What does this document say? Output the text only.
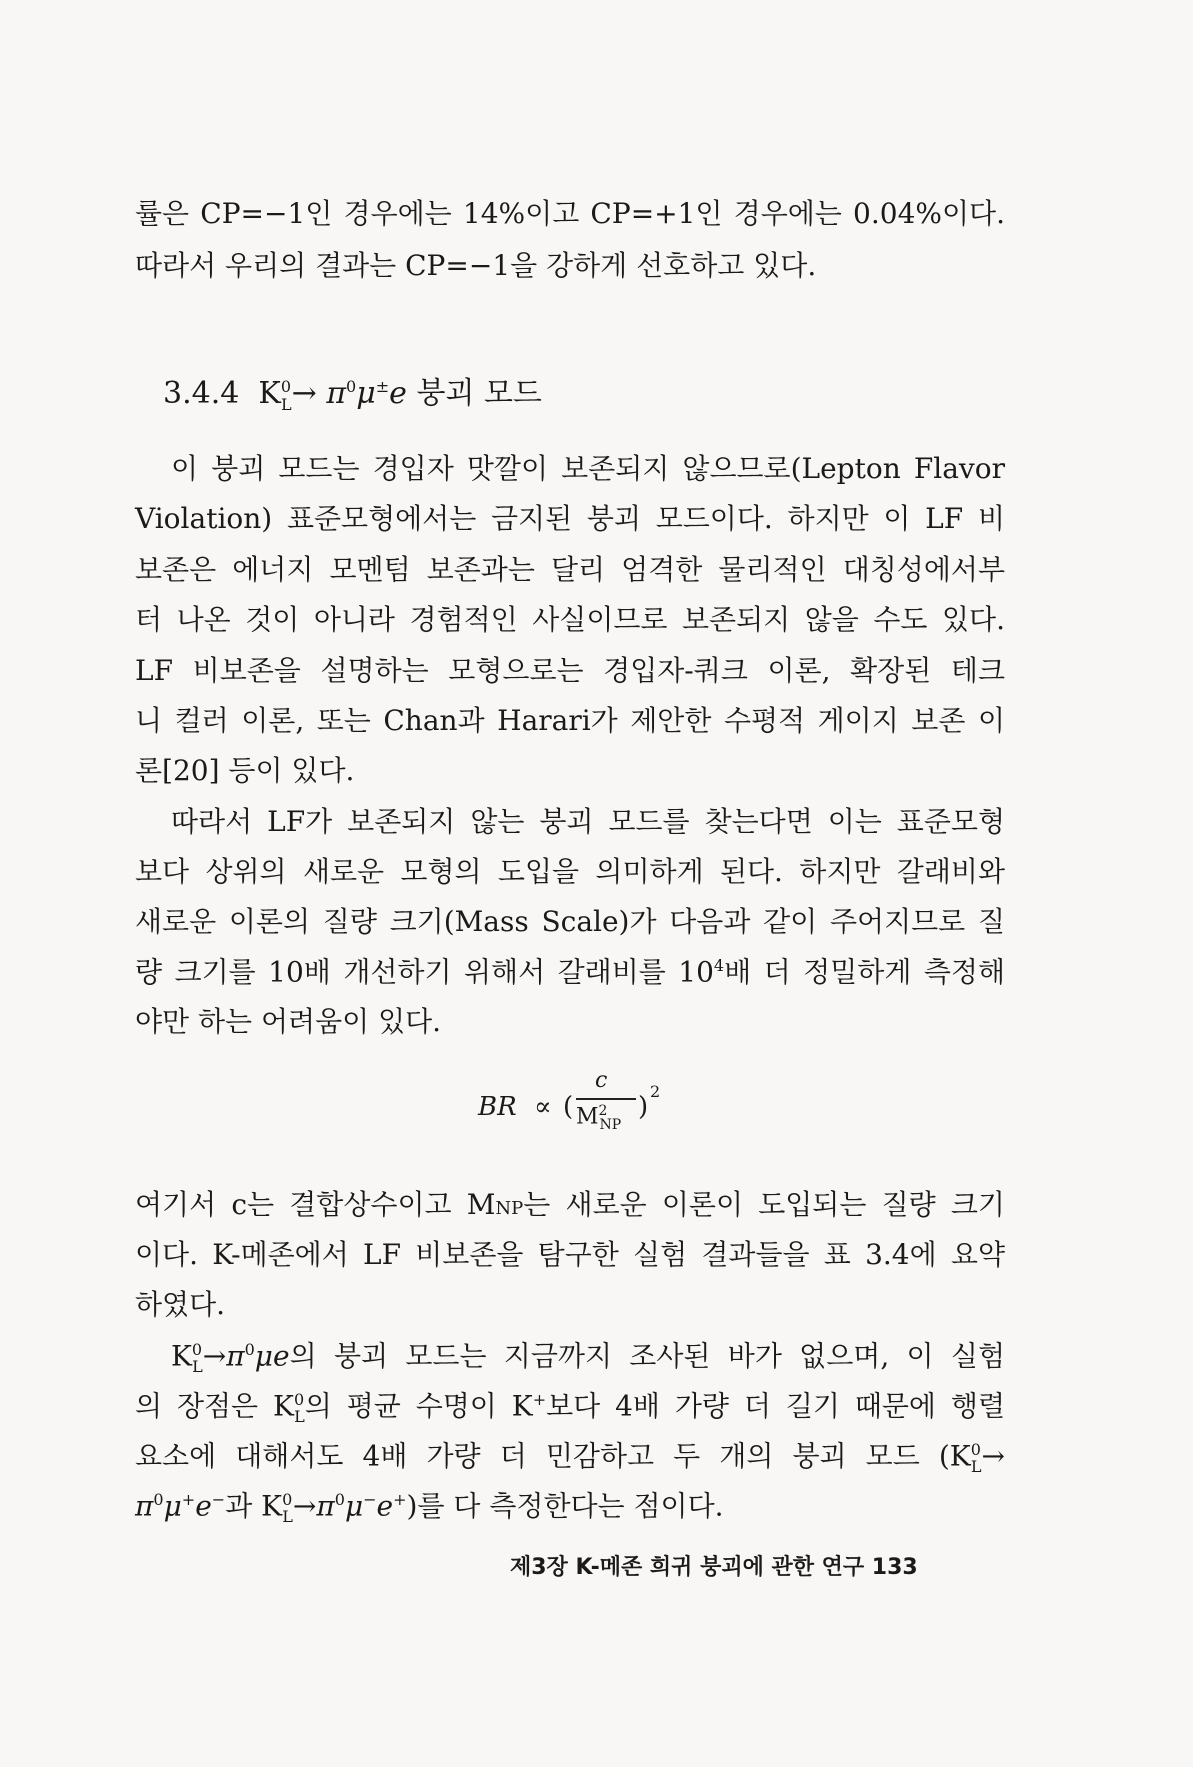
률은 CP=−1인 경우에는 14%이고 CP=+1인 경우에는 0.04%이다.
따라서 우리의 결과는 CP=−1을 강하게 선호하고 있다.
3.4.4  $K^0_L\to \pi^0\mu^\pm e$ 붕괴 모드
이 붕괴 모드는 경입자 맛깔이 보존되지 않으므로(Lepton Flavor
Violation) 표준모형에서는 금지된 붕괴 모드이다. 하지만 이 LF 비
보존은 에너지 모멘텀 보존과는 달리 엄격한 물리적인 대칭성에서부
터 나온 것이 아니라 경험적인 사실이므로 보존되지 않을 수도 있다.
LF 비보존을 설명하는 모형으로는 경입자-쿼크 이론, 확장된 테크
니 컬러 이론, 또는 Chan과 Harari가 제안한 수평적 게이지 보존 이
론[20] 등이 있다.
따라서 LF가 보존되지 않는 붕괴 모드를 찾는다면 이는 표준모형
보다 상위의 새로운 모형의 도입을 의미하게 된다. 하지만 갈래비와
새로운 이론의 질량 크기(Mass Scale)가 다음과 같이 주어지므로 질
량 크기를 10배 개선하기 위해서 갈래비를 $10^4$배 더 정밀하게 측정해
야만 하는 어려움이 있다.
BR ∝ (
c
$M^2_{NP}$
)
2
여기서 c는 결합상수이고 MNP는 새로운 이론이 도입되는 질량 크기
이다. K-메존에서 LF 비보존을 탐구한 실험 결과들을 표 3.4에 요약
하였다.
$K^0_L\to\pi^0\mu e$의 붕괴 모드는 지금까지 조사된 바가 없으며, 이 실험
의 장점은 $K^0_L$의 평균 수명이 K+보다 4배 가량 더 길기 때문에 행렬
요소에 대해서도 4배 가량 더 민감하고 두 개의 붕괴 모드 ($K^0_L\to$
$\pi^0\mu^+e^-$과 $K^0_L\to\pi^0\mu^-e^+$)를 다 측정한다는 점이다.
제3장 K-메존 희귀 붕괴에 관한 연구 133
